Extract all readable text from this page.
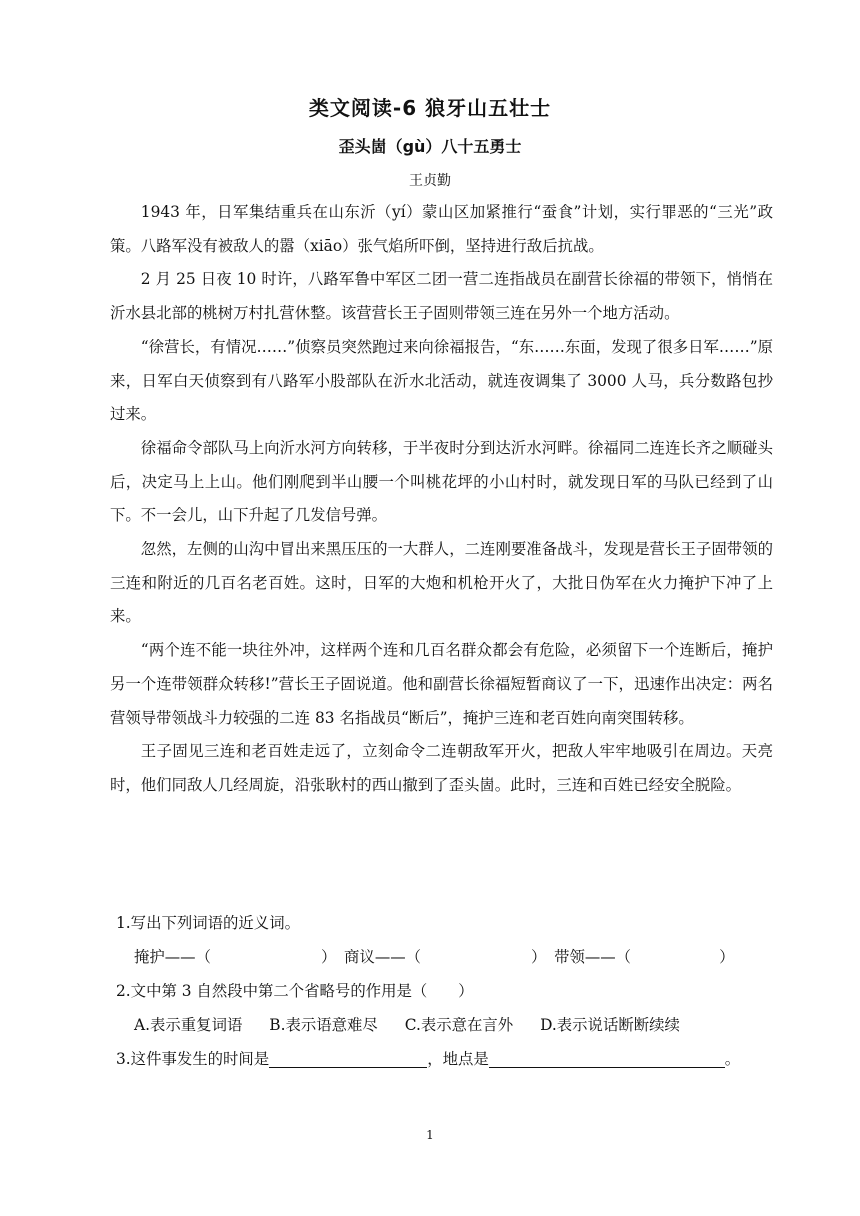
类文阅读-6 狼牙山五壮士
歪头崮（gù）八十五勇士
王贞勤

1943 年，日军集结重兵在山东沂（yí）蒙山区加紧推行“蚕食”计划，实行罪恶的“三光”政策。八路军没有被敌人的嚣（xiāo）张气焰所吓倒，坚持进行敌后抗战。

2 月 25 日夜 10 时许，八路军鲁中军区二团一营二连指战员在副营长徐福的带领下，悄悄在沂水县北部的桃树万村扎营休整。该营营长王子固则带领三连在另外一个地方活动。

“徐营长，有情况……”侦察员突然跑过来向徐福报告，“东……东面，发现了很多日军……”原来，日军白天侦察到有八路军小股部队在沂水北活动，就连夜调集了 3000 人马，兵分数路包抄过来。

徐福命令部队马上向沂水河方向转移，于半夜时分到达沂水河畔。徐福同二连连长齐之顺碰头后，决定马上上山。他们刚爬到半山腰一个叫桃花坪的小山村时，就发现日军的马队已经到了山下。不一会儿，山下升起了几发信号弹。

忽然，左侧的山沟中冒出来黑压压的一大群人，二连刚要准备战斗，发现是营长王子固带领的三连和附近的几百名老百姓。这时，日军的大炮和机枪开火了，大批日伪军在火力掩护下冲了上来。

“两个连不能一块往外冲，这样两个连和几百名群众都会有危险，必须留下一个连断后，掩护另一个连带领群众转移!”营长王子固说道。他和副营长徐福短暂商议了一下，迅速作出决定：两名营领导带领战斗力较强的二连 83 名指战员“断后”，掩护三连和老百姓向南突围转移。

王子固见三连和老百姓走远了，立刻命令二连朝敌军开火，把敌人牢牢地吸引在周边。天亮时，他们同敌人几经周旋，沿张耿村的西山撤到了歪头崮。此时，三连和百姓已经安全脱险。

1.写出下列词语的近义词。
掩护——（	）　商议——（	）　带领——（	）
2.文中第 3 自然段中第二个省略号的作用是（　　）
A.表示重复词语 B.表示语意难尽 C.表示意在言外 D.表示说话断断续续
3.这件事发生的时间是	，地点是	。
1
